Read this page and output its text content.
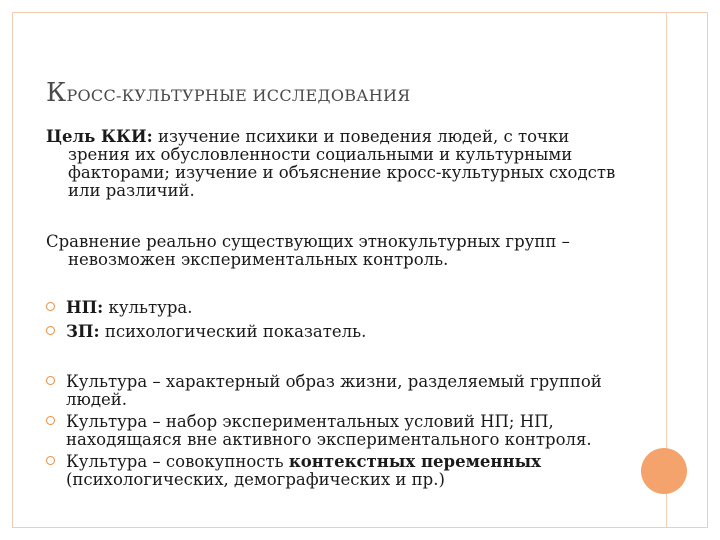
КРОСС-КУЛЬТУРНЫЕ ИССЛЕДОВАНИЯ
Цель ККИ: изучение психики и поведения людей, с точки зрения их обусловленности социальными и культурными факторами; изучение и объяснение кросс-культурных сходств или различий.
Сравнение реально существующих этнокультурных групп – невозможен экспериментальных контроль.
НП: культура.
ЗП: психологический показатель.
Культура – характерный образ жизни, разделяемый группой людей.
Культура – набор экспериментальных условий НП; НП, находящаяся вне активного экспериментального контроля.
Культура – совокупность контекстных переменных (психологических, демографических и пр.)
